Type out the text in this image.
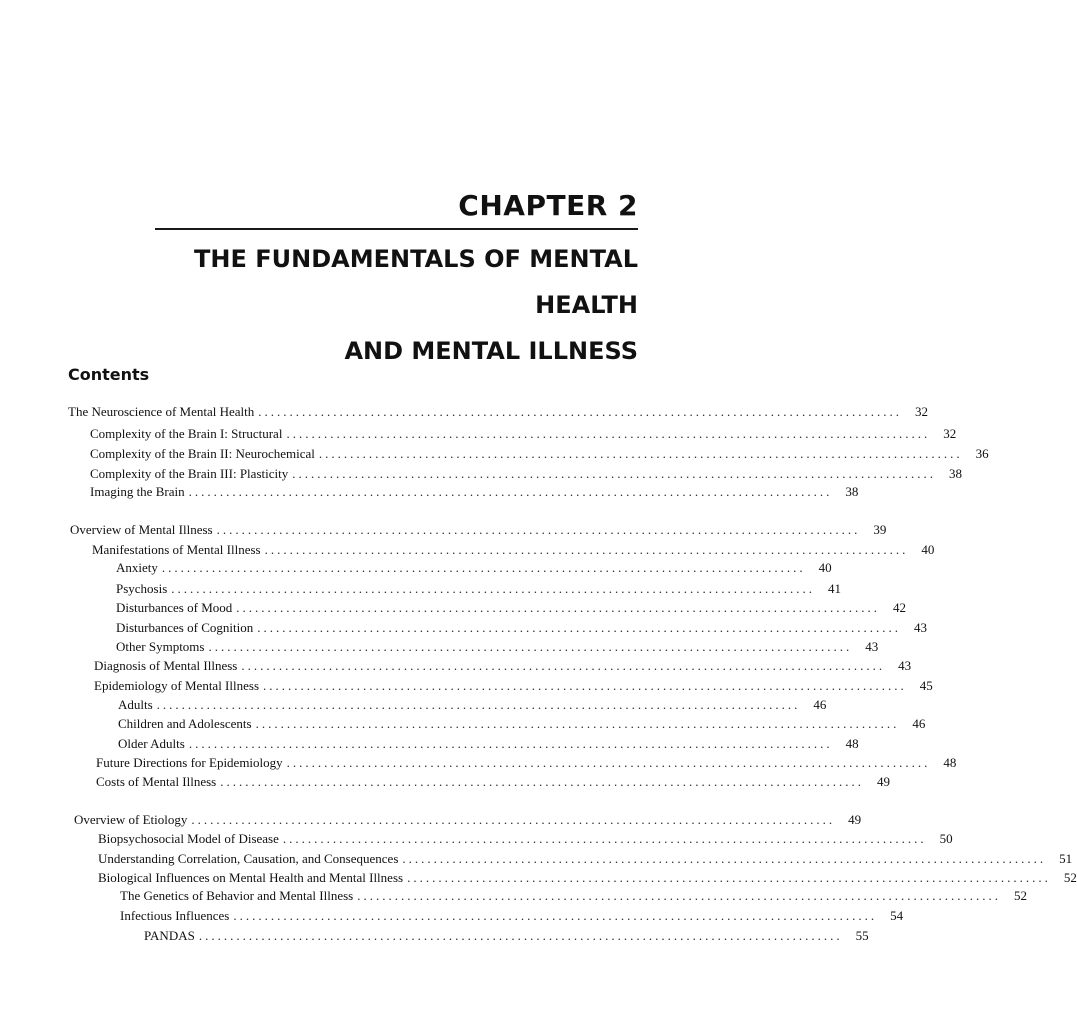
CHAPTER 2
THE FUNDAMENTALS OF MENTAL HEALTH
AND MENTAL ILLNESS
Contents
The Neuroscience of Mental Health .......................................................................................................	32
Complexity of the Brain I: Structural .......................................................................................................	32
Complexity of the Brain II: Neurochemical .......................................................................................................	36
Complexity of the Brain III: Plasticity .......................................................................................................	38
Imaging the Brain .......................................................................................................	38
Overview of Mental Illness .......................................................................................................	39
Manifestations of Mental Illness .......................................................................................................	40
Anxiety .......................................................................................................	40
Psychosis .......................................................................................................	41
Disturbances of Mood .......................................................................................................	42
Disturbances of Cognition .......................................................................................................	43
Other Symptoms .......................................................................................................	43
Diagnosis of Mental Illness .......................................................................................................	43
Epidemiology of Mental Illness .......................................................................................................	45
Adults .......................................................................................................	46
Children and Adolescents .......................................................................................................	46
Older Adults .......................................................................................................	48
Future Directions for Epidemiology .......................................................................................................	48
Costs of Mental Illness .......................................................................................................	49
Overview of Etiology .......................................................................................................	49
Biopsychosocial Model of Disease .......................................................................................................	50
Understanding Correlation, Causation, and Consequences .......................................................................................................	51
Biological Influences on Mental Health and Mental Illness .......................................................................................................	52
The Genetics of Behavior and Mental Illness .......................................................................................................	52
Infectious Influences .......................................................................................................	54
PANDAS .......................................................................................................	55
